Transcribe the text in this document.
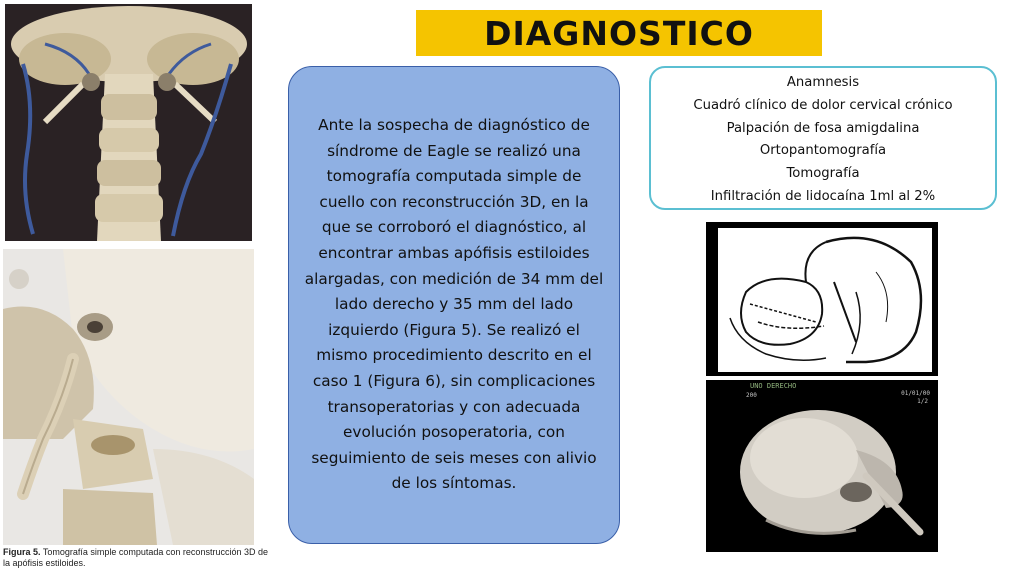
Figura 5. Tomografía simple computada con reconstrucción 3D de la apófisis estiloides.
DIAGNOSTICO

Ante la sospecha de diagnóstico de síndrome de Eagle se realizó una tomografía computada simple de cuello con reconstrucción 3D, en la que se corroboró el diagnóstico, al encontrar ambas apófisis estiloides alargadas, con medición de 34 mm del lado derecho y 35 mm del lado izquierdo (Figura 5). Se realizó el mismo procedimiento descrito en el caso 1 (Figura 6), sin complicaciones transoperatorias y con adecuada evolución posoperatoria, con seguimiento de seis meses con alivio de los síntomas.

Anamnesis
Cuadró clínico de dolor cervical crónico
Palpación de fosa amigdalina
Ortopantomografía
Tomografía
Infiltración de lidocaína 1ml al 2%
UNO DERECHO
200	01/01/00
1/2
